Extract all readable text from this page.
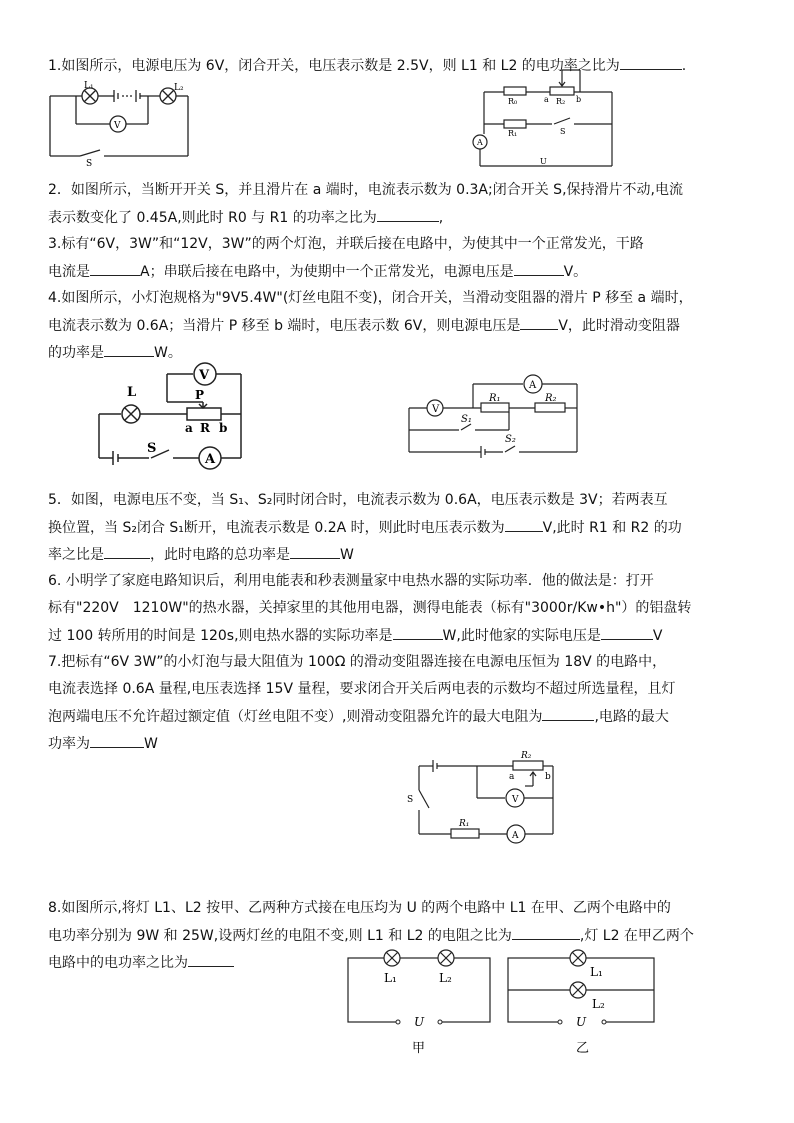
1.如图所示，电源电压为 6V，闭合开关，电压表示数是 2.5V，则 L1 和 L2 的电功率之比为	.
L₁	L₂
V
S
R₀	R₂
a	b
R₁	S
A
U
2．如图所示，当断开开关 S，并且滑片在 a 端时，电流表示数为 0.3A;闭合开关 S,保持滑片不动,电流
表示数变化了 0.45A,则此时 R0 与 R1 的功率之比为	,
3.标有“6V，3W”和“12V，3W”的两个灯泡，并联后接在电路中，为使其中一个正常发光，干路
电流是	A；串联后接在电路中，为使期中一个正常发光，电源电压是	V。
4.如图所示，小灯泡规格为"9V5.4W"(灯丝电阻不变)，闭合开关，当滑动变阻器的滑片 P 移至 a 端时，
电流表示数为 0.6A；当滑片 P 移至 b 端时，电压表示数 6V，则电源电压是	V，此时滑动变阻器
的功率是	W。
V
L	P
a R b
S
A
A
V
S₁
R₁	R₂
S₂
5．如图，电源电压不变，当 S₁、S₂同时闭合时，电流表示数为 0.6A，电压表示数是 3V；若两表互
换位置，当 S₂闭合 S₁断开，电流表示数是 0.2A 时，则此时电压表示数为	V,此时 R1 和 R2 的功
率之比是	，此时电路的总功率是	W
6. 小明学了家庭电路知识后，利用电能表和秒表测量家中电热水器的实际功率．他的做法是：打开
标有"220V　1210W"的热水器，关掉家里的其他用电器，测得电能表（标有"3000r/Kw•h"）的铝盘转
过 100 转所用的时间是 120s,则电热水器的实际功率是	W,此时他家的实际电压是	V
7.把标有“6V 3W”的小灯泡与最大阻值为 100Ω 的滑动变阻器连接在电源电压恒为 18V 的电路中，
电流表选择 0.6A 量程,电压表选择 15V 量程，要求闭合开关后两电表的示数均不超过所选量程，且灯
泡两端电压不允许超过额定值（灯丝电阻不变）,则滑动变阻器允许的最大电阻为	,电路的最大
功率为	W
R₂
a	b
S	V
R₁
A
8.如图所示,将灯 L1、L2 按甲、乙两种方式接在电压均为 U 的两个电路中 L1 在甲、乙两个电路中的
电功率分别为 9W 和 25W,设两灯丝的电阻不变,则 L1 和 L2 的电阻之比为	,灯 L2 在甲乙两个
电路中的电功率之比为
L₁	L₂
U
甲
L₁
L₂
U
乙
